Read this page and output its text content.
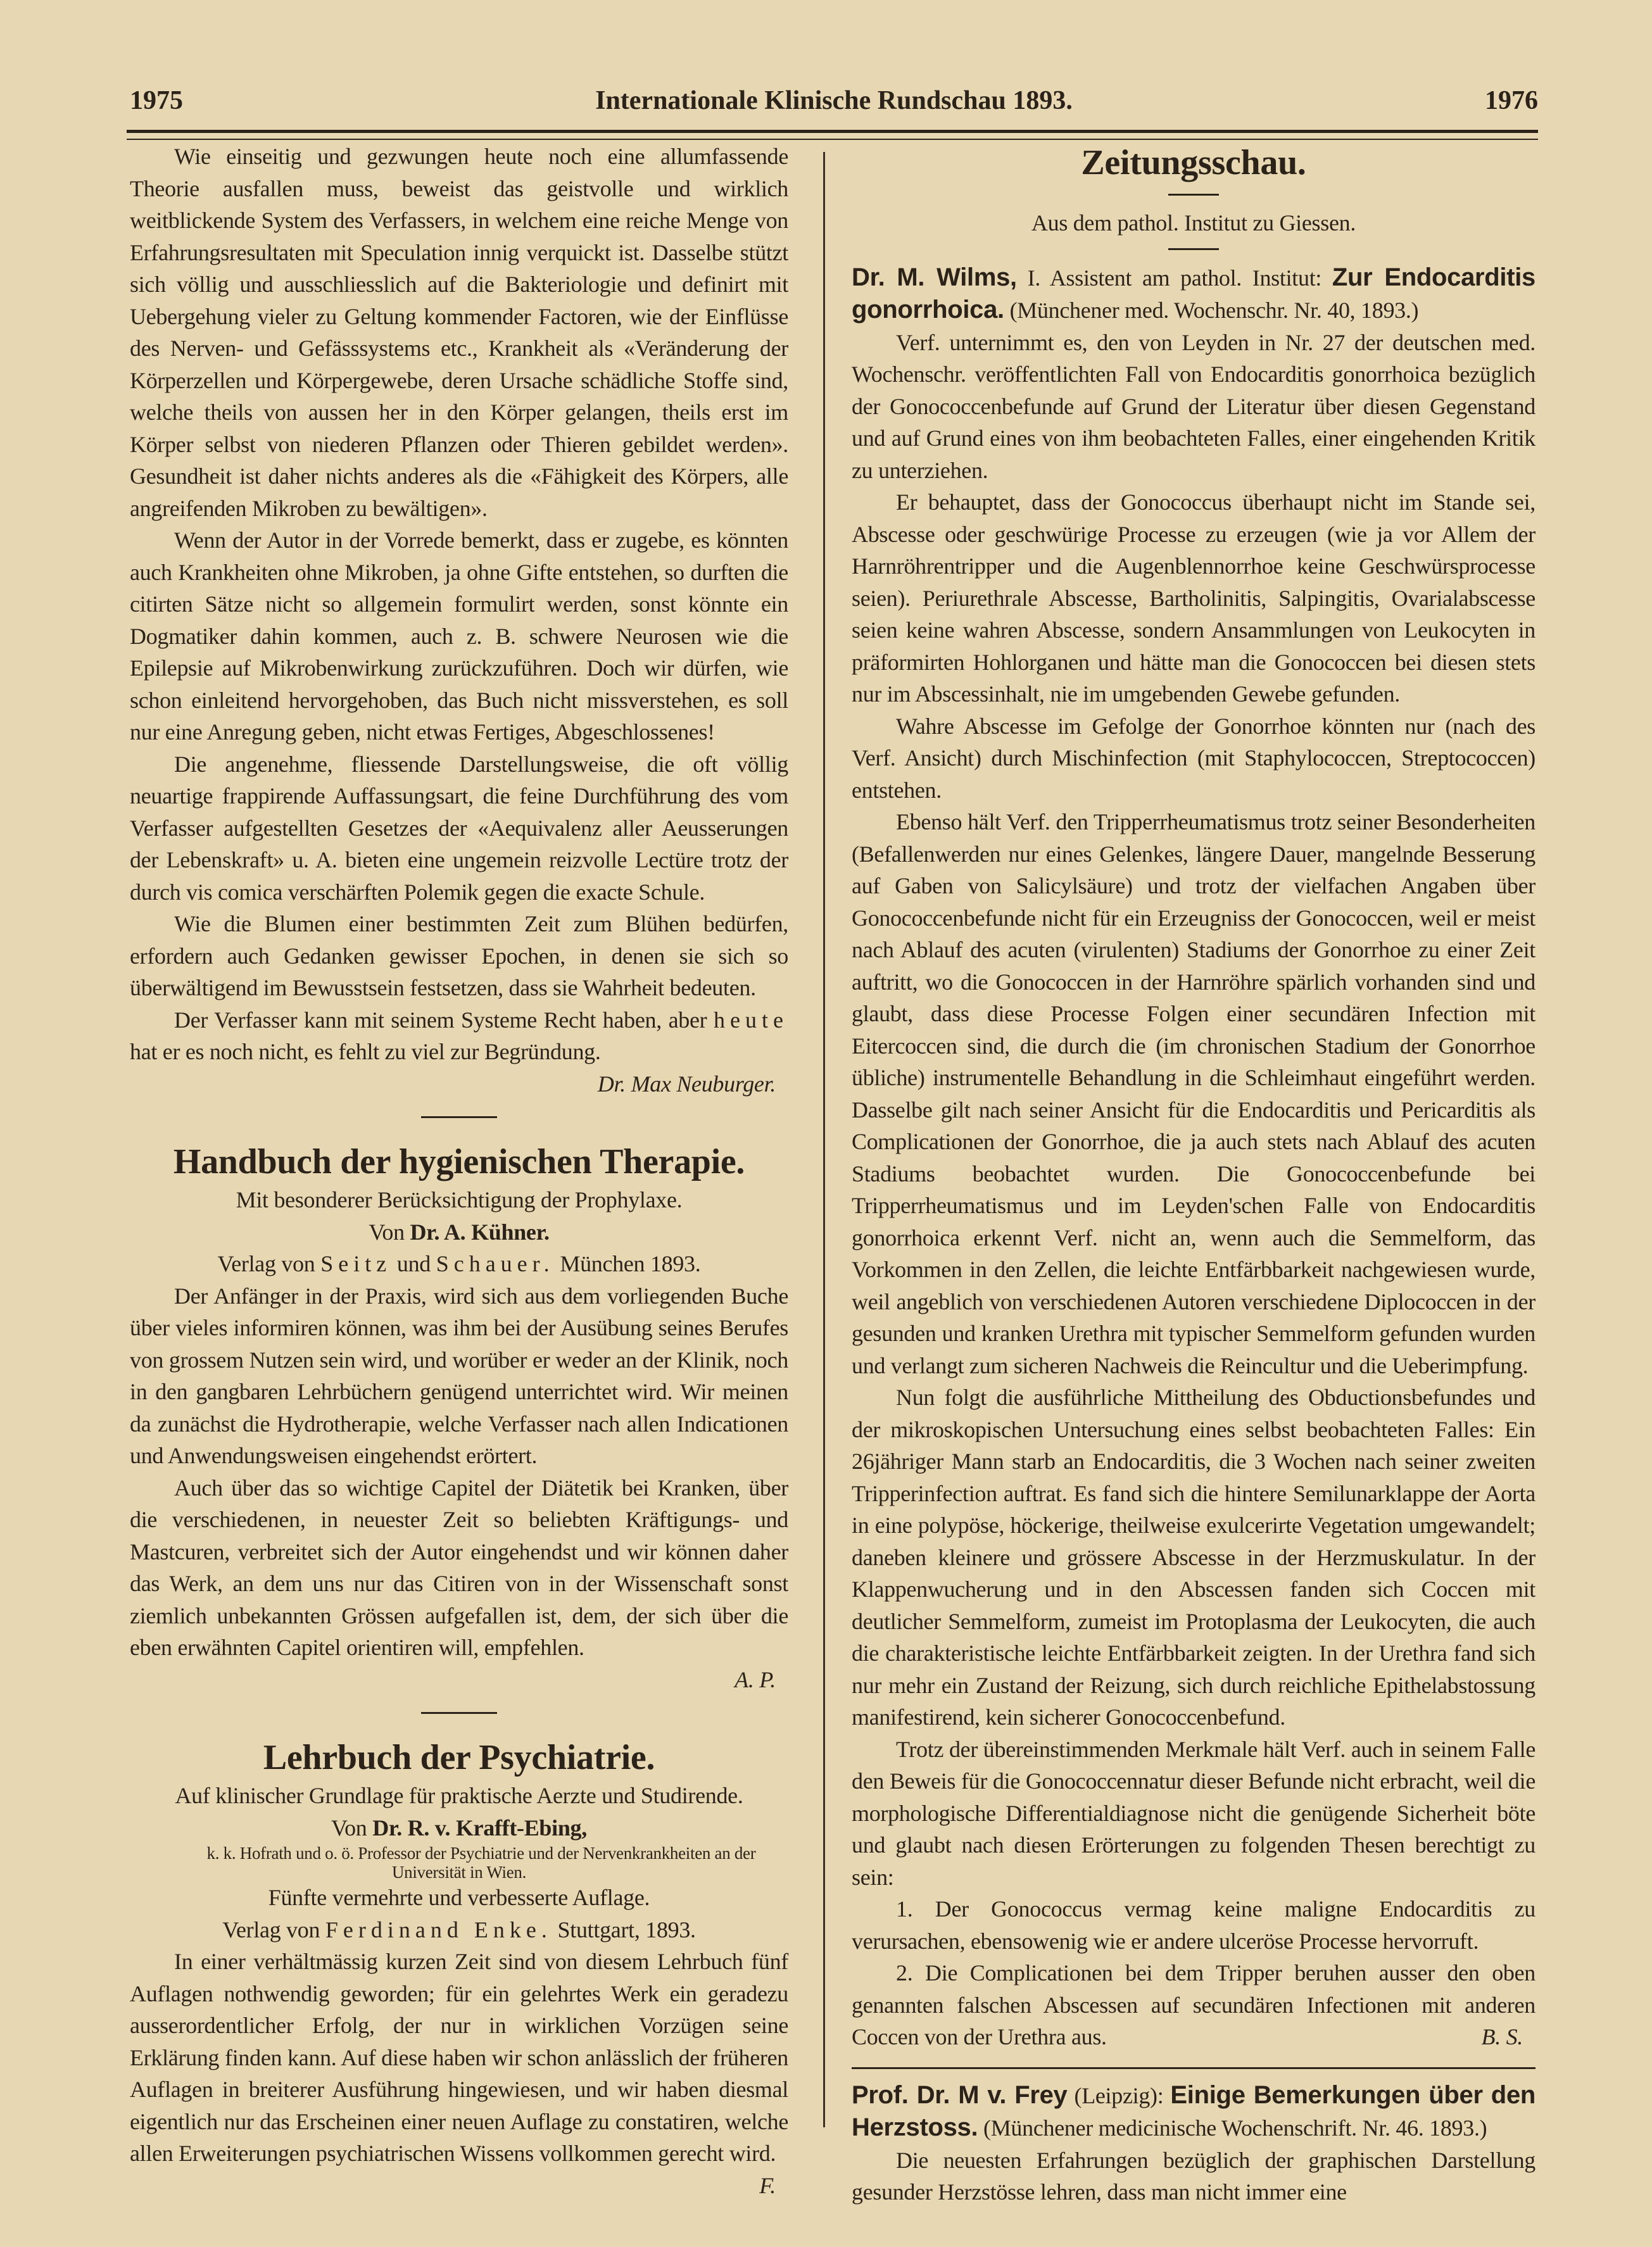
1975	Internationale Klinische Rundschau 1893.	1976

Wie einseitig und gezwungen heute noch eine allumfassende Theorie ausfallen muss, beweist das geistvolle und wirklich weitblickende System des Verfassers, in welchem eine reiche Menge von Erfahrungsresultaten mit Speculation innig verquickt ist. Dasselbe stützt sich völlig und ausschliesslich auf die Bakteriologie und definirt mit Uebergehung vieler zu Geltung kommender Factoren, wie der Einflüsse des Nerven- und Gefässsystems etc., Krankheit als «Veränderung der Körperzellen und Körpergewebe, deren Ursache schädliche Stoffe sind, welche theils von aussen her in den Körper gelangen, theils erst im Körper selbst von niederen Pflanzen oder Thieren gebildet werden». Gesundheit ist daher nichts anderes als die «Fähigkeit des Körpers, alle angreifenden Mikroben zu bewältigen».

Wenn der Autor in der Vorrede bemerkt, dass er zugebe, es könnten auch Krankheiten ohne Mikroben, ja ohne Gifte entstehen, so durften die citirten Sätze nicht so allgemein formulirt werden, sonst könnte ein Dogmatiker dahin kommen, auch z. B. schwere Neurosen wie die Epilepsie auf Mikrobenwirkung zurückzuführen. Doch wir dürfen, wie schon einleitend hervorgehoben, das Buch nicht missverstehen, es soll nur eine Anregung geben, nicht etwas Fertiges, Abgeschlossenes!

Die angenehme, fliessende Darstellungsweise, die oft völlig neuartige frappirende Auffassungsart, die feine Durchführung des vom Verfasser aufgestellten Gesetzes der «Aequivalenz aller Aeusserungen der Lebenskraft» u. A. bieten eine ungemein reizvolle Lectüre trotz der durch vis comica verschärften Polemik gegen die exacte Schule.

Wie die Blumen einer bestimmten Zeit zum Blühen bedürfen, erfordern auch Gedanken gewisser Epochen, in denen sie sich so überwältigend im Bewusstsein festsetzen, dass sie Wahrheit bedeuten.

Der Verfasser kann mit seinem Systeme Recht haben, aber heute hat er es noch nicht, es fehlt zu viel zur Begründung.

Dr. Max Neuburger.

Handbuch der hygienischen Therapie.

Mit besonderer Berücksichtigung der Prophylaxe.

Von Dr. A. Kühner.

Verlag von Seitz und Schauer. München 1893.

Der Anfänger in der Praxis, wird sich aus dem vorliegenden Buche über vieles informiren können, was ihm bei der Ausübung seines Berufes von grossem Nutzen sein wird, und worüber er weder an der Klinik, noch in den gangbaren Lehrbüchern genügend unterrichtet wird. Wir meinen da zunächst die Hydrotherapie, welche Verfasser nach allen Indicationen und Anwendungsweisen eingehendst erörtert.

Auch über das so wichtige Capitel der Diätetik bei Kranken, über die verschiedenen, in neuester Zeit so beliebten Kräftigungs- und Mastcuren, verbreitet sich der Autor eingehendst und wir können daher das Werk, an dem uns nur das Citiren von in der Wissenschaft sonst ziemlich unbekannten Grössen aufgefallen ist, dem, der sich über die eben erwähnten Capitel orientiren will, empfehlen.

A. P.

Lehrbuch der Psychiatrie.

Auf klinischer Grundlage für praktische Aerzte und Studirende.

Von Dr. R. v. Krafft-Ebing,

k. k. Hofrath und o. ö. Professor der Psychiatrie und der Nervenkrankheiten an der Universität in Wien.

Fünfte vermehrte und verbesserte Auflage.

Verlag von Ferdinand Enke. Stuttgart, 1893.

In einer verhältmässig kurzen Zeit sind von diesem Lehrbuch fünf Auflagen nothwendig geworden; für ein gelehrtes Werk ein geradezu ausserordentlicher Erfolg, der nur in wirklichen Vorzügen seine Erklärung finden kann. Auf diese haben wir schon anlässlich der früheren Auflagen in breiterer Ausführung hingewiesen, und wir haben diesmal eigentlich nur das Erscheinen einer neuen Auflage zu constatiren, welche allen Erweiterungen psychiatrischen Wissens vollkommen gerecht wird.

F.

Zeitungsschau.

Aus dem pathol. Institut zu Giessen.

Dr. M. Wilms, I. Assistent am pathol. Institut: Zur Endocarditis gonorrhoica. (Münchener med. Wochenschr. Nr. 40, 1893.)

Verf. unternimmt es, den von Leyden in Nr. 27 der deutschen med. Wochenschr. veröffentlichten Fall von Endocarditis gonorrhoica bezüglich der Gonococcenbefunde auf Grund der Literatur über diesen Gegenstand und auf Grund eines von ihm beobachteten Falles, einer eingehenden Kritik zu unterziehen.

Er behauptet, dass der Gonococcus überhaupt nicht im Stande sei, Abscesse oder geschwürige Processe zu erzeugen (wie ja vor Allem der Harnröhrentripper und die Augenblennorrhoe keine Geschwürsprocesse seien). Periurethrale Abscesse, Bartholinitis, Salpingitis, Ovarialabscesse seien keine wahren Abscesse, sondern Ansammlungen von Leukocyten in präformirten Hohlorganen und hätte man die Gonococcen bei diesen stets nur im Abscessinhalt, nie im umgebenden Gewebe gefunden.

Wahre Abscesse im Gefolge der Gonorrhoe könnten nur (nach des Verf. Ansicht) durch Mischinfection (mit Staphylococcen, Streptococcen) entstehen.

Ebenso hält Verf. den Tripperrheumatismus trotz seiner Besonderheiten (Befallenwerden nur eines Gelenkes, längere Dauer, mangelnde Besserung auf Gaben von Salicylsäure) und trotz der vielfachen Angaben über Gonococcenbefunde nicht für ein Erzeugniss der Gonococcen, weil er meist nach Ablauf des acuten (virulenten) Stadiums der Gonorrhoe zu einer Zeit auftritt, wo die Gonococcen in der Harnröhre spärlich vorhanden sind und glaubt, dass diese Processe Folgen einer secundären Infection mit Eitercoccen sind, die durch die (im chronischen Stadium der Gonorrhoe übliche) instrumentelle Behandlung in die Schleimhaut eingeführt werden. Dasselbe gilt nach seiner Ansicht für die Endocarditis und Pericarditis als Complicationen der Gonorrhoe, die ja auch stets nach Ablauf des acuten Stadiums beobachtet wurden. Die Gonococcenbefunde bei Tripperrheumatismus und im Leyden'schen Falle von Endocarditis gonorrhoica erkennt Verf. nicht an, wenn auch die Semmelform, das Vorkommen in den Zellen, die leichte Entfärbbarkeit nachgewiesen wurde, weil angeblich von verschiedenen Autoren verschiedene Diplococcen in der gesunden und kranken Urethra mit typischer Semmelform gefunden wurden und verlangt zum sicheren Nachweis die Reincultur und die Ueberimpfung.

Nun folgt die ausführliche Mittheilung des Obductionsbefundes und der mikroskopischen Untersuchung eines selbst beobachteten Falles: Ein 26jähriger Mann starb an Endocarditis, die 3 Wochen nach seiner zweiten Tripperinfection auftrat. Es fand sich die hintere Semilunarklappe der Aorta in eine polypöse, höckerige, theilweise exulcerirte Vegetation umgewandelt; daneben kleinere und grössere Abscesse in der Herzmuskulatur. In der Klappenwucherung und in den Abscessen fanden sich Coccen mit deutlicher Semmelform, zumeist im Protoplasma der Leukocyten, die auch die charakteristische leichte Entfärbbarkeit zeigten. In der Urethra fand sich nur mehr ein Zustand der Reizung, sich durch reichliche Epithelabstossung manifestirend, kein sicherer Gonococcenbefund.

Trotz der übereinstimmenden Merkmale hält Verf. auch in seinem Falle den Beweis für die Gonococcennatur dieser Befunde nicht erbracht, weil die morphologische Differentialdiagnose nicht die genügende Sicherheit böte und glaubt nach diesen Erörterungen zu folgenden Thesen berechtigt zu sein:

1. Der Gonococcus vermag keine maligne Endocarditis zu verursachen, ebensowenig wie er andere ulceröse Processe hervorruft.

2. Die Complicationen bei dem Tripper beruhen ausser den oben genannten falschen Abscessen auf secundären Infectionen mit anderen Coccen von der Urethra aus.	B. S.

Prof. Dr. M v. Frey (Leipzig): Einige Bemerkungen über den Herzstoss. (Münchener medicinische Wochenschrift. Nr. 46. 1893.)

Die neuesten Erfahrungen bezüglich der graphischen Darstellung gesunder Herzstösse lehren, dass man nicht immer eine
